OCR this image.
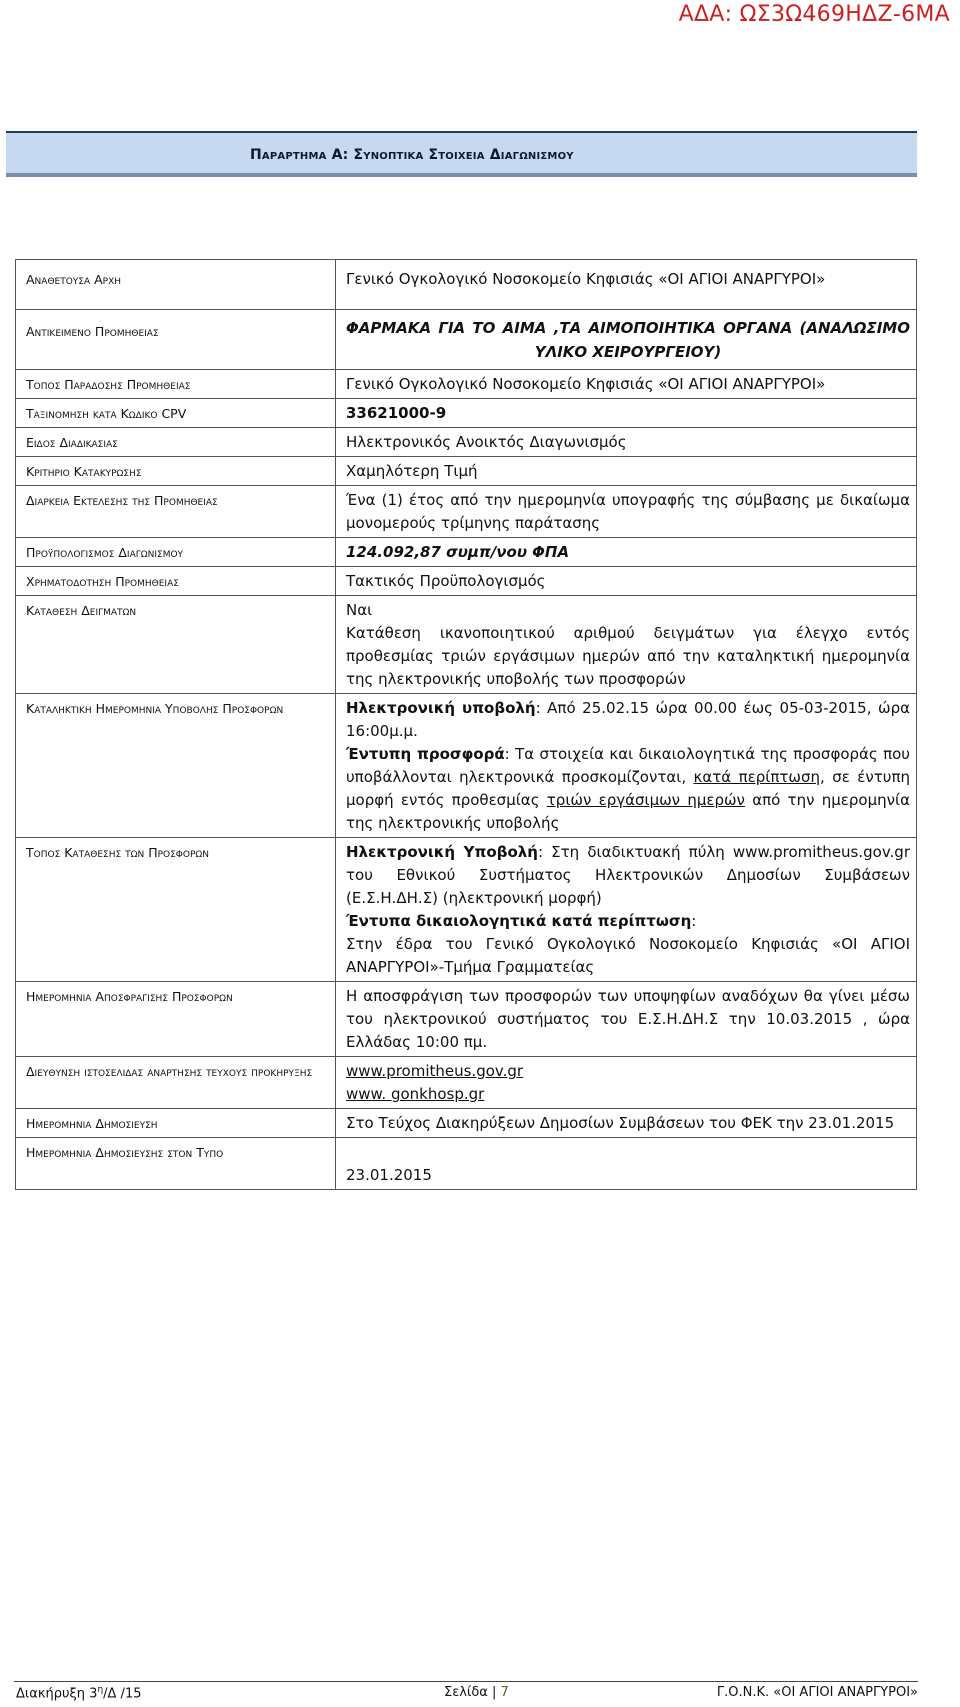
ΑΔΑ: ΩΣ3Ω469ΗΔΖ-6ΜΑ
Παραρτημα Α: Συνοπτικα Στοιχεια Διαγωνισμου
Αναθετουσα Αρχη	Γενικό Ογκολογικό Νοσοκομείο Κηφισιάς «ΟΙ ΑΓΙΟΙ ΑΝΑΡΓΥΡΟΙ»
Αντικειμενο Προμηθειας	ΦΑΡΜΑΚΑ ΓΙΑ ΤΟ ΑΙΜΑ ,ΤΑ ΑΙΜΟΠΟΙΗΤΙΚΑ ΟΡΓΑΝΑ (ΑΝΑΛΩΣΙΜΟ ΥΛΙΚΟ ΧΕΙΡΟΥΡΓΕΙΟΥ)
Τοπος Παραδοσης Προμηθειας	Γενικό Ογκολογικό Νοσοκομείο Κηφισιάς «ΟΙ ΑΓΙΟΙ ΑΝΑΡΓΥΡΟΙ»
Ταξινομηση κατα Κωδικο CPV	33621000-9
Ειδος Διαδικασιας	Ηλεκτρονικός Ανοικτός Διαγωνισμός
Κριτηριο Κατακυρωσης	Χαμηλότερη Τιμή
Διαρκεια Εκτελεσης της Προμηθειας	Ένα (1) έτος από την ημερομηνία υπογραφής της σύμβασης με δικαίωμα μονομερούς τρίμηνης παράτασης
Προϋπολογισμος Διαγωνισμου	124.092,87 συμπ/νου ΦΠΑ
Χρηματοδοτηση Προμηθειας	Τακτικός Προϋπολογισμός
Καταθεση Δειγματων	Ναι
Κατάθεση ικανοποιητικού αριθμού δειγμάτων για έλεγχο εντός προθεσμίας τριών εργάσιμων ημερών από την καταληκτική ημερομηνία της ηλεκτρονικής υποβολής των προσφορών

Καταληκτικη Ημερομηνια Υποβολης Προσφορων	Ηλεκτρονική υποβολή: Από 25.02.15 ώρα 00.00 έως 05-03-2015, ώρα 16:00μ.μ.
Έντυπη προσφορά: Τα στοιχεία και δικαιολογητικά της προσφοράς που υποβάλλονται ηλεκτρονικά προσκομίζονται, κατά περίπτωση, σε έντυπη μορφή εντός προθεσμίας τριών εργάσιμων ημερών από την ημερομηνία της ηλεκτρονικής υποβολής

Τοπος Καταθεσης των Προσφορων	Ηλεκτρονική Υποβολή: Στη διαδικτυακή πύλη www.promitheus.gov.gr του Εθνικού Συστήματος Ηλεκτρονικών Δημοσίων Συμβάσεων (Ε.Σ.Η.ΔΗ.Σ) (ηλεκτρονική μορφή)
Έντυπα δικαιολογητικά κατά περίπτωση:
Στην έδρα του Γενικό Ογκολογικό Νοσοκομείο Κηφισιάς «ΟΙ ΑΓΙΟΙ ΑΝΑΡΓΥΡΟΙ»-Τμήμα Γραμματείας

Ημερομηνια Αποσφραγισης Προσφορων	Η αποσφράγιση των προσφορών των υποψηφίων αναδόχων θα γίνει μέσω του ηλεκτρονικού συστήματος του Ε.Σ.Η.ΔΗ.Σ την 10.03.2015 , ώρα Ελλάδας 10:00 πμ.
Διευθυνση ιστοσελιδας αναρτησης τευχους προκηρυξης	www.promitheus.gov.gr
www. gonkhosp.gr

Ημερομηνια Δημοσιευση	Στο Τεύχος Διακηρύξεων Δημοσίων Συμβάσεων του ΦΕΚ την 23.01.2015
Ημερομηνια Δημοσιευσης στον Τυπο	23.01.2015
Διακήρυξη $3^\eta/\Delta$ /15	Σελίδα | 7	Γ.Ο.Ν.Κ. «ΟΙ ΑΓΙΟΙ ΑΝΑΡΓΥΡΟΙ»
